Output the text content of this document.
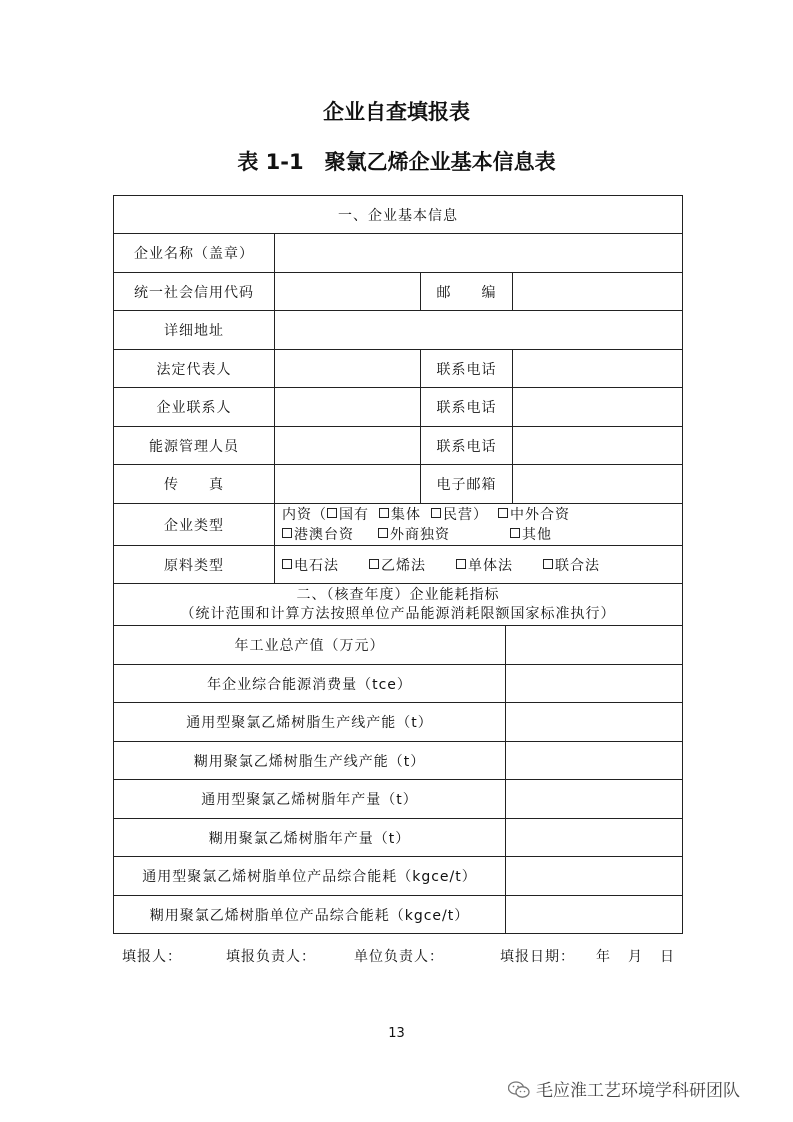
企业自查填报表
表 1-1　聚氯乙烯企业基本信息表
一、企业基本信息				
企业名称（盖章）				
统一社会信用代码		邮　　编		
详细地址				
法定代表人		联系电话		
企业联系人		联系电话		
能源管理人员		联系电话		
传　　真		电子邮箱		
企业类型	内资（ 国有 集体 民营） 中外合资
港澳台资 外商独资 其他			

原料类型	电石法 乙烯法 单体法 联合法			

二、（核查年度）企业能耗指标
（统计范围和计算方法按照单位产品能源消耗限额国家标准执行）				

年工业总产值（万元）				
年企业综合能源消费量（tce）				
通用型聚氯乙烯树脂生产线产能（t）				
糊用聚氯乙烯树脂生产线产能（t）				
通用型聚氯乙烯树脂年产量（t）				
糊用聚氯乙烯树脂年产量（t）				
通用型聚氯乙烯树脂单位产品综合能耗（kgce/t）				
糊用聚氯乙烯树脂单位产品综合能耗（kgce/t）				
填报人：	填报负责人：	单位负责人：	填报日期： 年 月 日
13
毛应淮工艺环境学科研团队
